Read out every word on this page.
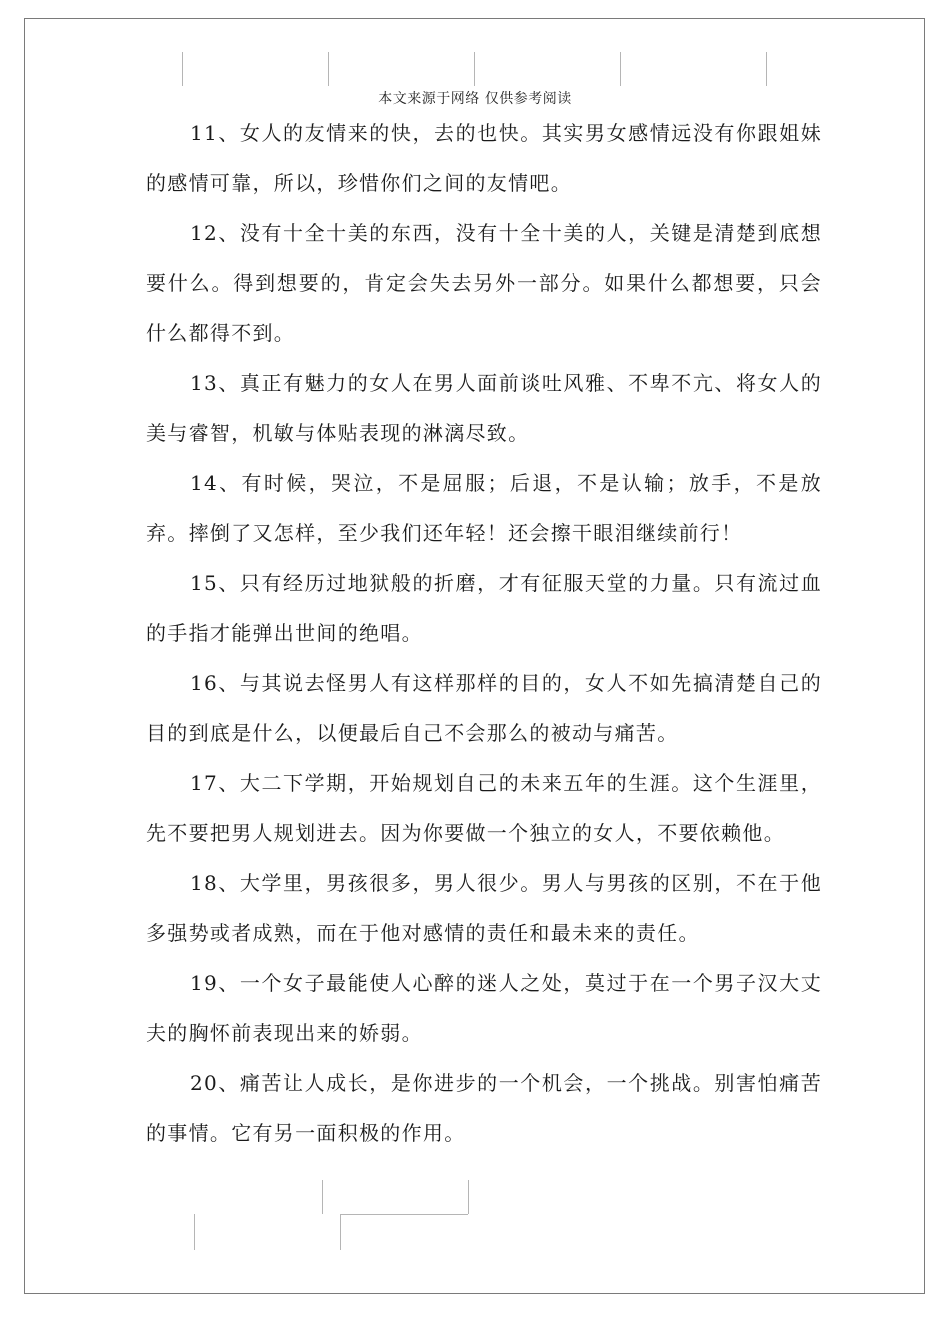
本文来源于网络 仅供参考阅读

11、女人的友情来的快，去的也快。其实男女感情远没有你跟姐妹的感情可靠，所以，珍惜你们之间的友情吧。

12、没有十全十美的东西，没有十全十美的人，关键是清楚到底想要什么。得到想要的，肯定会失去另外一部分。如果什么都想要，只会什么都得不到。

13、真正有魅力的女人在男人面前谈吐风雅、不卑不亢、将女人的美与睿智，机敏与体贴表现的淋漓尽致。

14、有时候，哭泣，不是屈服；后退，不是认输；放手，不是放弃。摔倒了又怎样，至少我们还年轻！还会擦干眼泪继续前行！

15、只有经历过地狱般的折磨，才有征服天堂的力量。只有流过血的手指才能弹出世间的绝唱。

16、与其说去怪男人有这样那样的目的，女人不如先搞清楚自己的目的到底是什么，以便最后自己不会那么的被动与痛苦。

17、大二下学期，开始规划自己的未来五年的生涯。这个生涯里，先不要把男人规划进去。因为你要做一个独立的女人，不要依赖他。

18、大学里，男孩很多，男人很少。男人与男孩的区别，不在于他多强势或者成熟，而在于他对感情的责任和最未来的责任。

19、一个女子最能使人心醉的迷人之处，莫过于在一个男子汉大丈夫的胸怀前表现出来的娇弱。

20、痛苦让人成长，是你进步的一个机会，一个挑战。别害怕痛苦的事情。它有另一面积极的作用。
